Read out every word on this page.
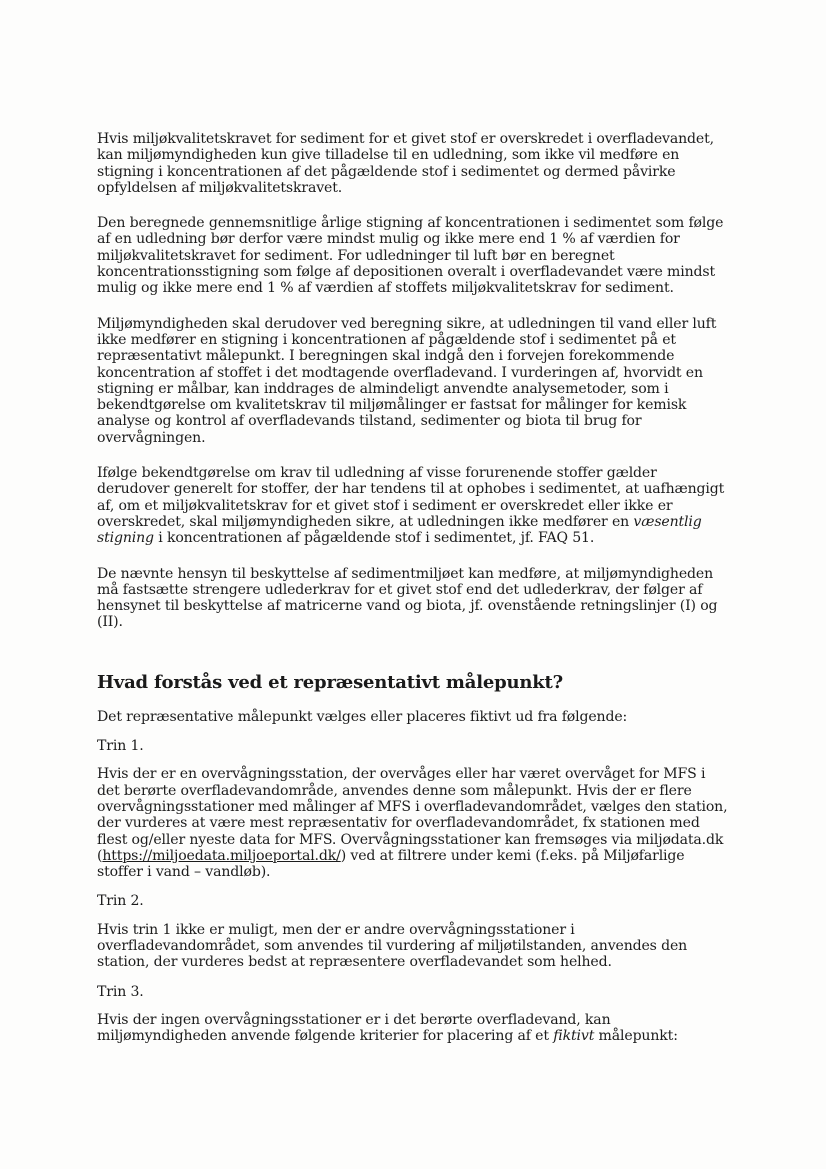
Hvis miljøkvalitetskravet for sediment for et givet stof er overskredet i overfladevandet, kan miljømyndigheden kun give tilladelse til en udledning, som ikke vil medføre en stigning i koncentrationen af det pågældende stof i sedimentet og dermed påvirke opfyldelsen af miljøkvalitetskravet.

Den beregnede gennemsnitlige årlige stigning af koncentrationen i sedimentet som følge af en udledning bør derfor være mindst mulig og ikke mere end 1 % af værdien for miljøkvalitetskravet for sediment. For udledninger til luft bør en beregnet koncentrationsstigning som følge af depositionen overalt i overfladevandet være mindst mulig og ikke mere end 1 % af værdien af stoffets miljøkvalitetskrav for sediment.

Miljømyndigheden skal derudover ved beregning sikre, at udledningen til vand eller luft ikke medfører en stigning i koncentrationen af pågældende stof i sedimentet på et repræsentativt målepunkt. I beregningen skal indgå den i forvejen forekommende koncentration af stoffet i det modtagende overfladevand. I vurderingen af, hvorvidt en stigning er målbar, kan inddrages de almindeligt anvendte analysemetoder, som i bekendtgørelse om kvalitetskrav til miljømålinger er fastsat for målinger for kemisk analyse og kontrol af overfladevands tilstand, sedimenter og biota til brug for overvågningen.

Ifølge bekendtgørelse om krav til udledning af visse forurenende stoffer gælder derudover generelt for stoffer, der har tendens til at ophobes i sedimentet, at uafhængigt af, om et miljøkvalitetskrav for et givet stof i sediment er overskredet eller ikke er overskredet, skal miljømyndigheden sikre, at udledningen ikke medfører en væsentlig stigning i koncentrationen af pågældende stof i sedimentet, jf. FAQ 51.

De nævnte hensyn til beskyttelse af sedimentmiljøet kan medføre, at miljømyndigheden må fastsætte strengere udlederkrav for et givet stof end det udlederkrav, der følger af hensynet til beskyttelse af matricerne vand og biota, jf. ovenstående retningslinjer (I) og (II).

Hvad forstås ved et repræsentativt målepunkt?

Det repræsentative målepunkt vælges eller placeres fiktivt ud fra følgende:

Trin 1.

Hvis der er en overvågningsstation, der overvåges eller har været overvåget for MFS i det berørte overfladevandområde, anvendes denne som målepunkt. Hvis der er flere overvågningsstationer med målinger af MFS i overfladevandområdet, vælges den station, der vurderes at være mest repræsentativ for overfladevandområdet, fx stationen med flest og/eller nyeste data for MFS. Overvågningsstationer kan fremsøges via miljødata.dk (https://miljoedata.miljoeportal.dk/) ved at filtrere under kemi (f.eks. på Miljøfarlige stoffer i vand – vandløb).

Trin 2.

Hvis trin 1 ikke er muligt, men der er andre overvågningsstationer i overfladevandområdet, som anvendes til vurdering af miljøtilstanden, anvendes den station, der vurderes bedst at repræsentere overfladevandet som helhed.

Trin 3.

Hvis der ingen overvågningsstationer er i det berørte overfladevand, kan miljømyndigheden anvende følgende kriterier for placering af et fiktivt målepunkt:
